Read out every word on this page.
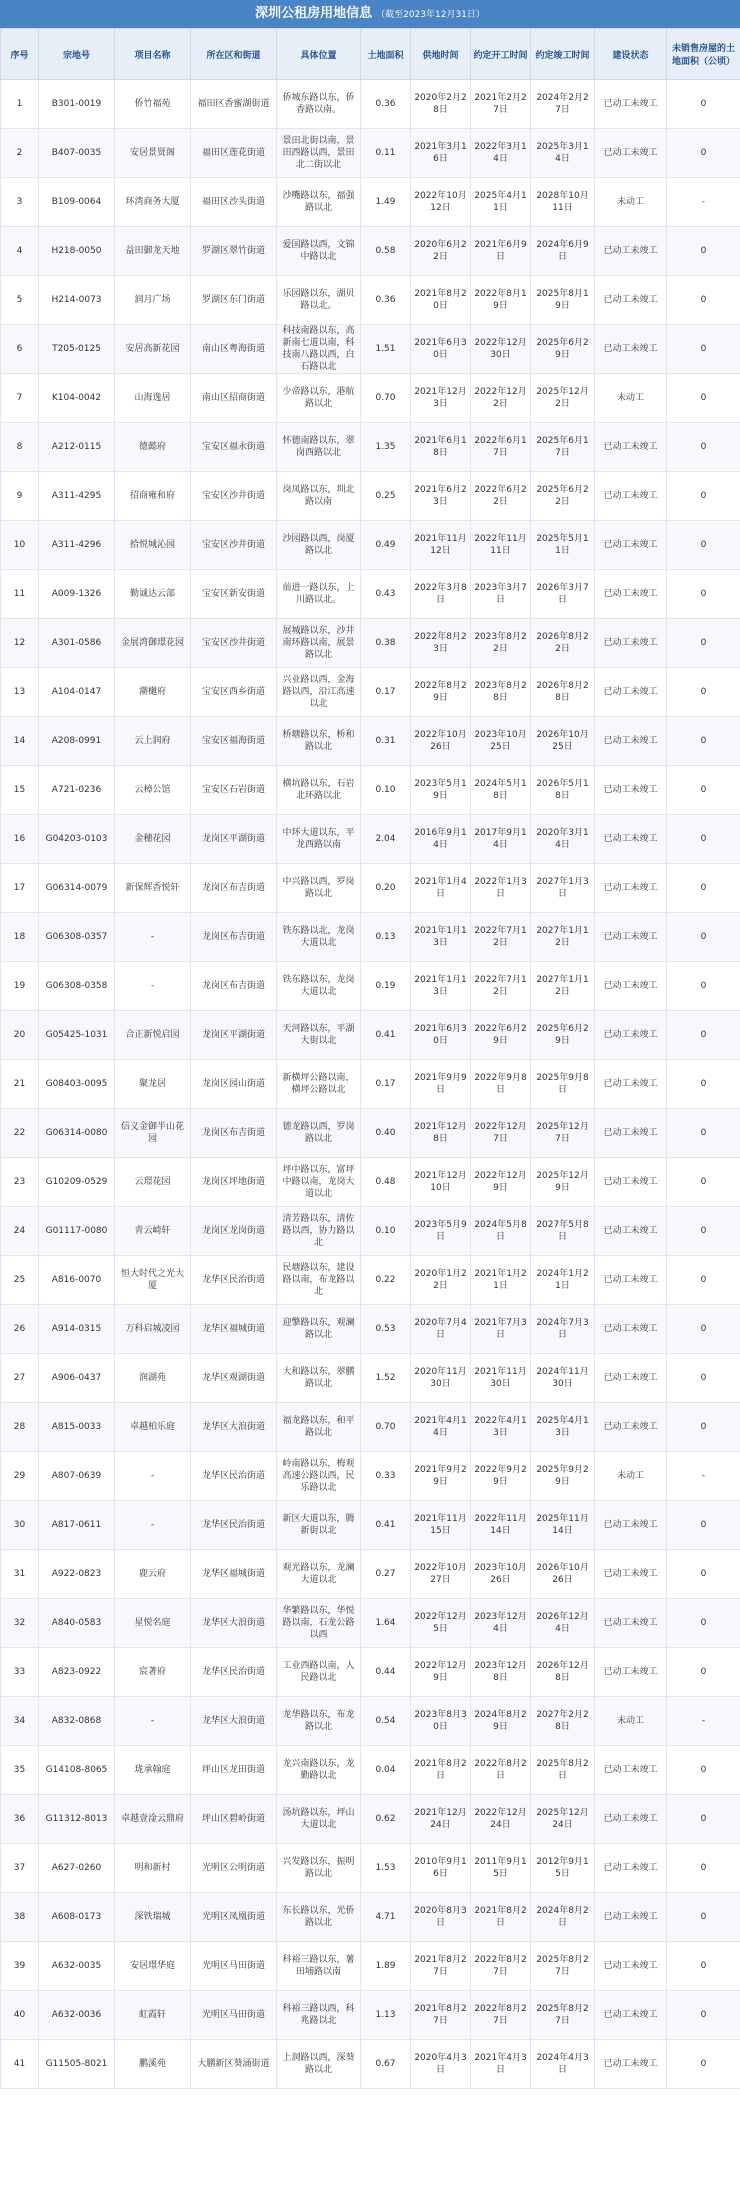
深圳公租房用地信息 （截至2023年12月31日）
序号	宗地号	项目名称	所在区和街道	具体位置	土地面积	供地时间	约定开工时间	约定竣工时间	建设状态	未销售房屋的土地面积（公顷）
1	B301-0019	侨竹福苑	福田区香蜜湖街道	侨城东路以东，侨香路以南。	0.36	2020年2月28日	2021年2月27日	2024年2月27日	已动工未竣工	0
2	B407-0035	安居景贤阁	福田区莲花街道	景田北街以南，景田西路以西，景田北二街以北	0.11	2021年3月16日	2022年3月14日	2025年3月14日	已动工未竣工	0
3	B109-0064	环湾商务大厦	福田区沙头街道	沙嘴路以东，福强路以北	1.49	2022年10月12日	2025年4月11日	2028年10月11日	未动工	-
4	H218-0050	益田御龙天地	罗湖区翠竹街道	爱国路以西，文锦中路以北	0.58	2020年6月22日	2021年6月9日	2024年6月9日	已动工未竣工	0
5	H214-0073	润月广场	罗湖区东门街道	乐园路以东，湖贝路以北。	0.36	2021年8月20日	2022年8月19日	2025年8月19日	已动工未竣工	0
6	T205-0125	安居高新花园	南山区粤海街道	科技南路以东，高新南七道以南，科技南八路以西，白石路以北	1.51	2021年6月30日	2022年12月30日	2025年6月29日	已动工未竣工	0
7	K104-0042	山海逸居	南山区招商街道	少帝路以东，港航路以北	0.70	2021年12月3日	2022年12月2日	2025年12月2日	未动工	0
8	A212-0115	德懿府	宝安区福永街道	怀德南路以东，翠岗西路以北	1.35	2021年6月18日	2022年6月17日	2025年6月17日	已动工未竣工	0
9	A311-4295	招商雍和府	宝安区沙井街道	岗凤路以东，圳北路以南	0.25	2021年6月23日	2022年6月22日	2025年6月22日	已动工未竣工	0
10	A311-4296	拾悦城沁园	宝安区沙井街道	沙园路以西，岗厦路以北	0.49	2021年11月12日	2022年11月11日	2025年5月11日	已动工未竣工	0
11	A009-1326	勤诚达云部	宝安区新安街道	前进一路以东，上川路以北。	0.43	2022年3月8日	2023年3月7日	2026年3月7日	已动工未竣工	0
12	A301-0586	金展湾御璟花园	宝安区沙井街道	展城路以东，沙井南环路以南，展景路以北	0.38	2022年8月23日	2023年8月22日	2026年8月22日	已动工未竣工	0
13	A104-0147	潮樾府	宝安区西乡街道	兴业路以西，金海路以西，沿江高速以北	0.17	2022年8月29日	2023年8月28日	2026年8月28日	已动工未竣工	0
14	A208-0991	云上润府	宝安区福海街道	桥塘路以东，桥和路以北	0.31	2022年10月26日	2023年10月25日	2026年10月25日	已动工未竣工	0
15	A721-0236	云樟公馆	宝安区石岩街道	横坑路以东，石岩北环路以北	0.10	2023年5月19日	2024年5月18日	2026年5月18日	已动工未竣工	0
16	G04203-0103	金穗花园	龙岗区平湖街道	中环大道以东，平龙西路以南	2.04	2016年9月14日	2017年9月14日	2020年3月14日	已动工未竣工	0
17	G06314-0079	新保辉香悦轩	龙岗区布吉街道	中兴路以西，罗岗路以北	0.20	2021年1月4日	2022年1月3日	2027年1月3日	已动工未竣工	0
18	G06308-0357	-	龙岗区布吉街道	铁东路以北，龙岗大道以北	0.13	2021年1月13日	2022年7月12日	2027年1月12日	已动工未竣工	0
19	G06308-0358	-	龙岗区布吉街道	铁东路以东，龙岗大道以北	0.19	2021年1月13日	2022年7月12日	2027年1月12日	已动工未竣工	0
20	G05425-1031	合正新悦启园	龙岗区平湖街道	天河路以东，平湖大街以北	0.41	2021年6月30日	2022年6月29日	2025年6月29日	已动工未竣工	0
21	G08403-0095	聚龙居	龙岗区园山街道	新横坪公路以南，横坪公路以北	0.17	2021年9月9日	2022年9月8日	2025年9月8日	已动工未竣工	0
22	G06314-0080	信义金御半山花园	龙岗区布吉街道	德龙路以西，罗岗路以北	0.40	2021年12月8日	2022年12月7日	2025年12月7日	已动工未竣工	0
23	G10209-0529	云璟花园	龙岗区坪地街道	坪中路以东，富坪中路以南，龙岗大道以北	0.48	2021年12月10日	2022年12月9日	2025年12月9日	已动工未竣工	0
24	G01117-0080	青云崎轩	龙岗区龙岗街道	清芳路以东，清佐路以西，协力路以北	0.10	2023年5月9日	2024年5月8日	2027年5月8日	已动工未竣工	0
25	A816-0070	恒大时代之光大厦	龙华区民治街道	民塘路以东，建设路以南，布龙路以北	0.22	2020年1月22日	2021年1月21日	2024年1月21日	已动工未竣工	0
26	A914-0315	万科启城凌园	龙华区福城街道	迎擎路以东，观澜路以北	0.53	2020年7月4日	2021年7月3日	2024年7月3日	已动工未竣工	0
27	A906-0437	润湖苑	龙华区观湖街道	大和路以东，翠鹏路以北	1.52	2020年11月30日	2021年11月30日	2024年11月30日	已动工未竣工	0
28	A815-0033	卓越柏乐庭	龙华区大浪街道	福龙路以东，和平路以北	0.70	2021年4月14日	2022年4月13日	2025年4月13日	已动工未竣工	0
29	A807-0639	-	龙华区民治街道	岭南路以东，梅观高速公路以西，民乐路以北	0.33	2021年9月29日	2022年9月29日	2025年9月29日	未动工	-
30	A817-0611	-	龙华区民治街道	新区大道以东，腾新街以北	0.41	2021年11月15日	2022年11月14日	2025年11月14日	已动工未竣工	0
31	A922-0823	鹿云府	龙华区福城街道	观光路以东，龙澜大道以北	0.27	2022年10月27日	2023年10月26日	2026年10月26日	已动工未竣工	0
32	A840-0583	星悦名庭	龙华区大浪街道	华繁路以东，华悦路以南，石龙公路以西	1.64	2022年12月5日	2023年12月4日	2026年12月4日	已动工未竣工	0
33	A823-0922	宸著府	龙华区民治街道	工业西路以南，人民路以北	0.44	2022年12月9日	2023年12月8日	2026年12月8日	已动工未竣工	0
34	A832-0868	-	龙华区大浪街道	龙华路以东，布龙路以北	0.54	2023年8月30日	2024年8月29日	2027年2月28日	未动工	-
35	G14108-8065	珑承翰庭	坪山区龙田街道	龙兴南路以东，龙勤路以北	0.04	2021年8月2日	2022年8月2日	2025年8月2日	已动工未竣工	0
36	G11312-8013	卓越壹淦云鼎府	坪山区碧岭街道	汤坑路以东，坪山大道以北	0.62	2021年12月24日	2022年12月24日	2025年12月24日	已动工未竣工	0
37	A627-0260	明和新村	光明区公明街道	兴发路以东，振明路以北	1.53	2010年9月16日	2011年9月15日	2012年9月15日	已动工未竣工	0
38	A608-0173	深铁瑞城	光明区凤凰街道	东长路以东，光侨路以北	4.71	2020年8月3日	2021年8月2日	2024年8月2日	已动工未竣工	0
39	A632-0035	安居璟华庭	光明区马田街道	科裕三路以东，薯田埔路以南	1.89	2021年8月27日	2022年8月27日	2025年8月27日	已动工未竣工	0
40	A632-0036	虹霞轩	光明区马田街道	科裕三路以西，科兆路以北	1.13	2021年8月27日	2022年8月27日	2025年8月27日	已动工未竣工	0
41	G11505-8021	鹏溪苑	大鹏新区葵涌街道	上洞路以西，深葵路以北	0.67	2020年4月3日	2021年4月3日	2024年4月3日	已动工未竣工	0
